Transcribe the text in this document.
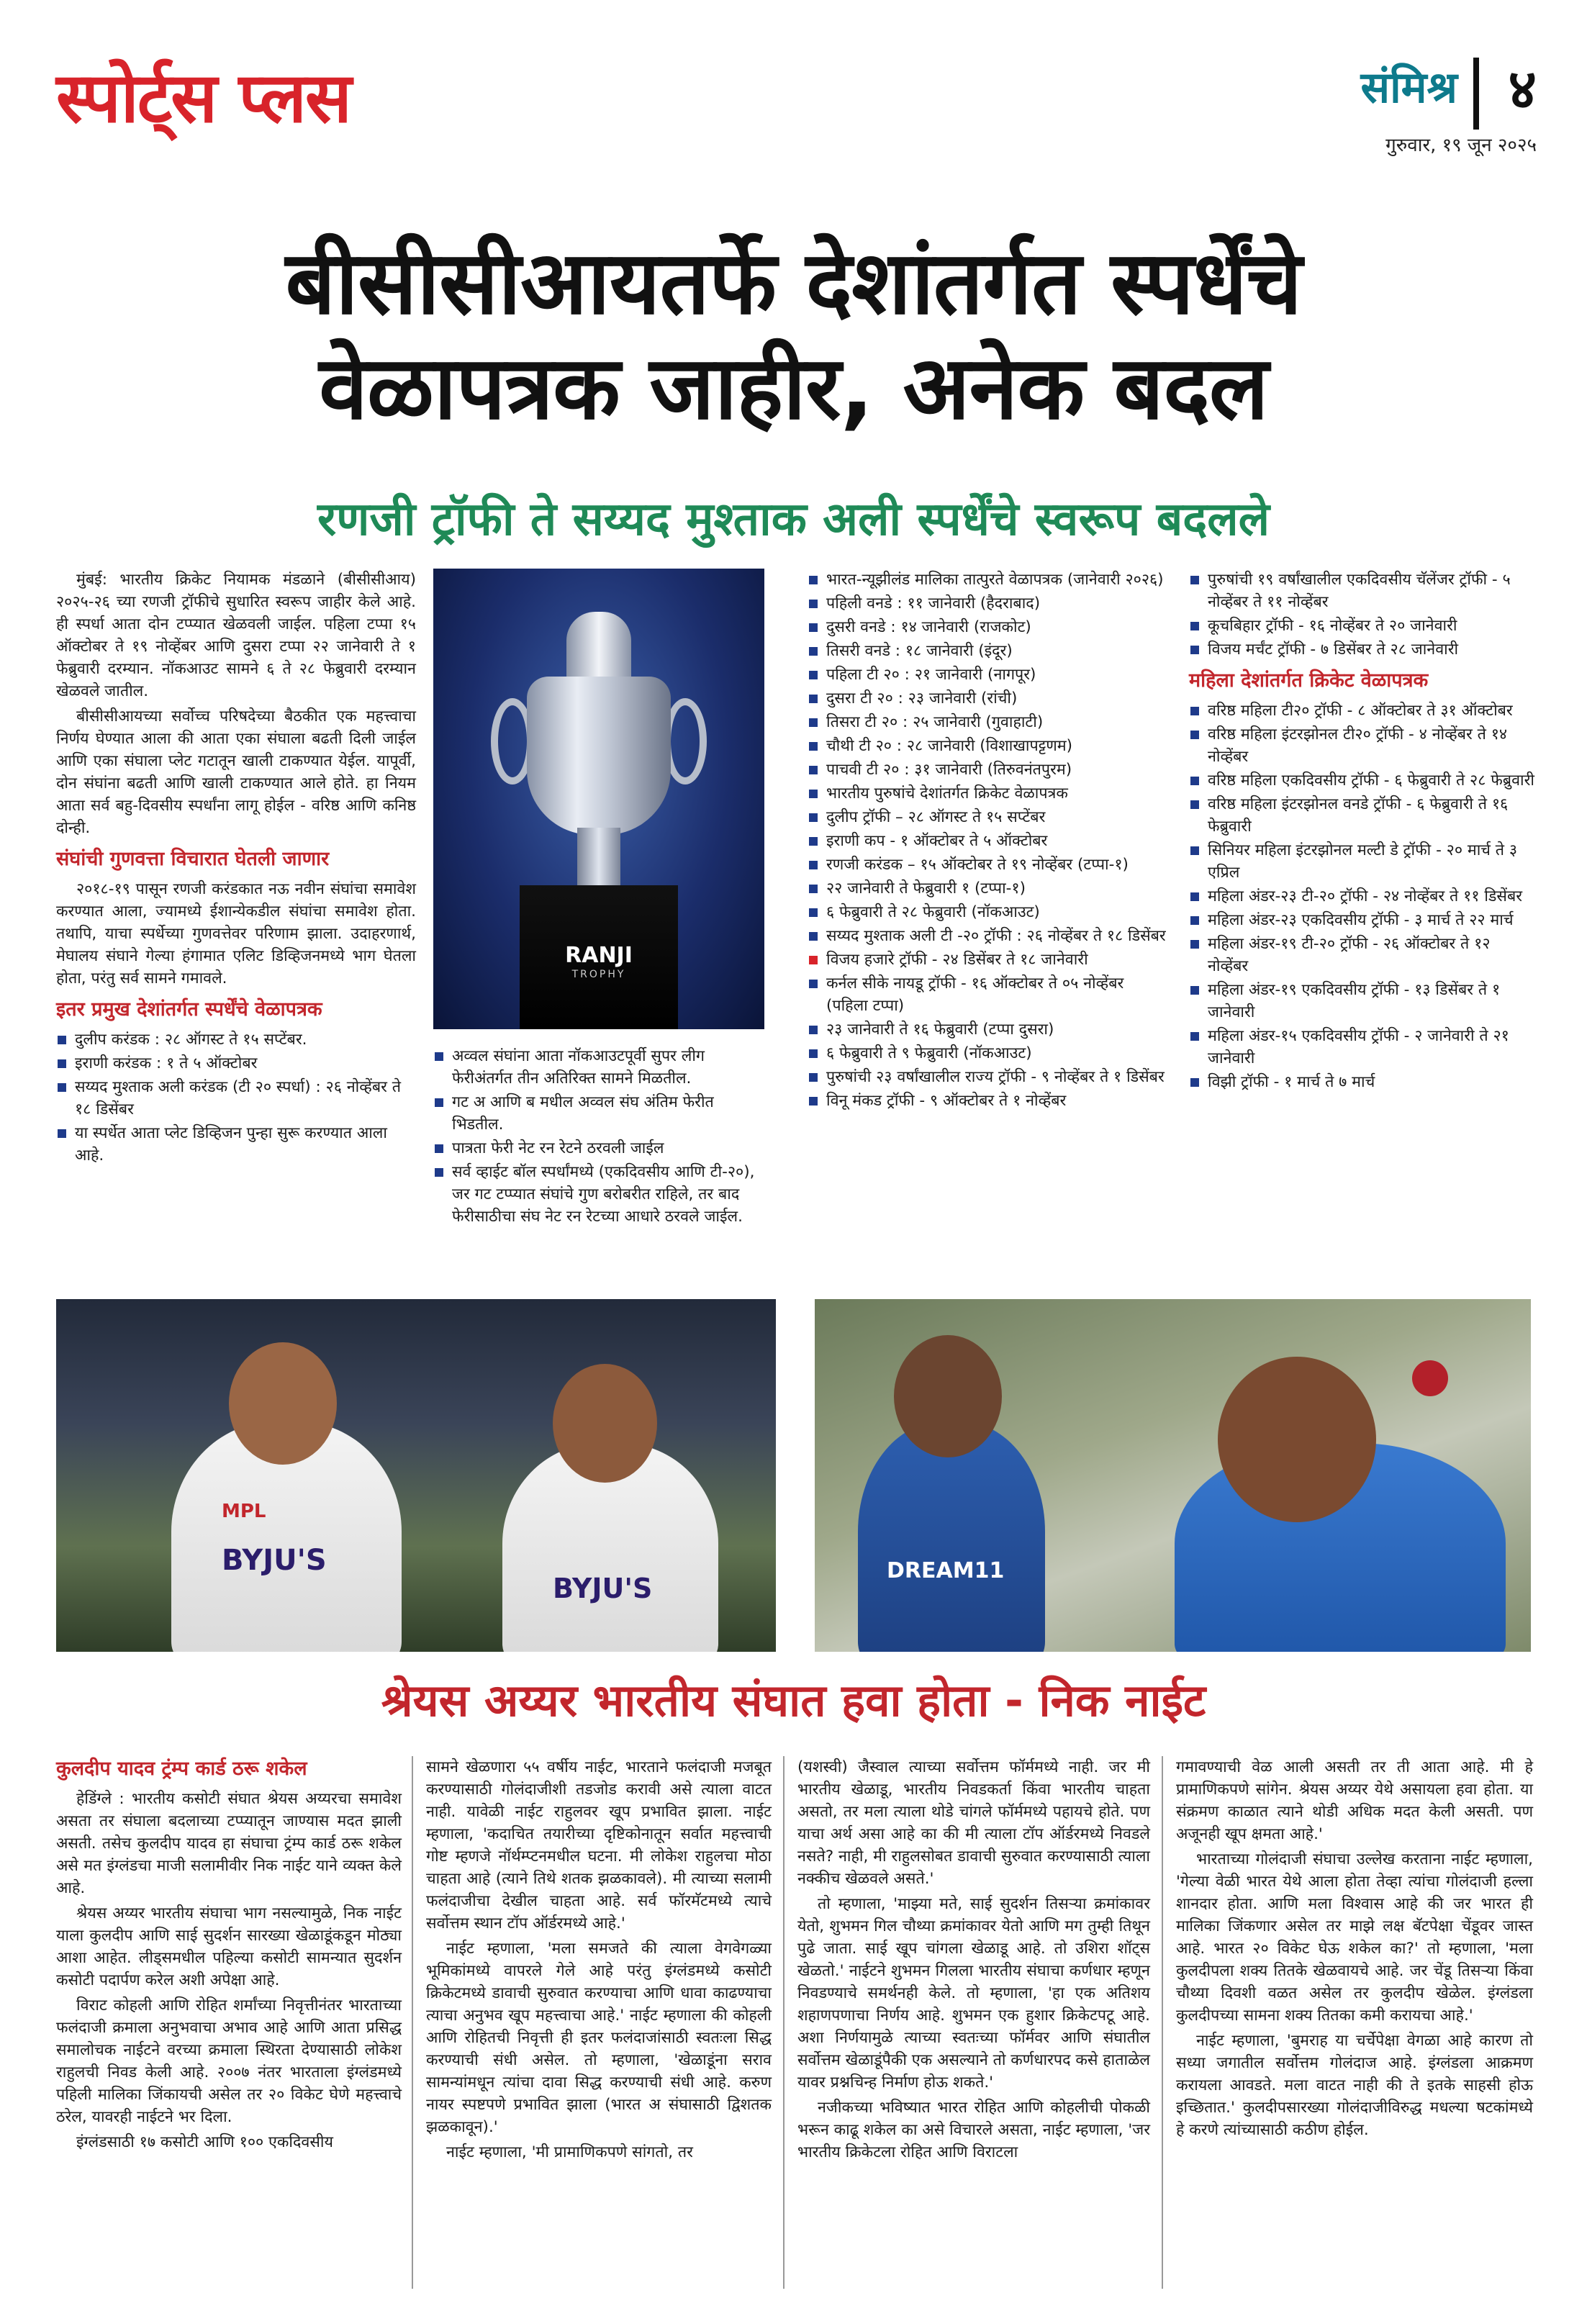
स्पोर्ट्स प्लस	संमिश्र ४
गुरुवार, १९ जून २०२५
बीसीसीआयतर्फे देशांतर्गत स्पर्धेंचे
वेळापत्रक जाहीर, अनेक बदल
रणजी ट्रॉफी ते सय्यद मुश्ताक अली स्पर्धेंचे स्वरूप बदलले

मुंबई: भारतीय क्रिकेट नियामक मंडळाने (बीसीसीआय) २०२५-२६ च्या रणजी ट्रॉफीचे सुधारित स्वरूप जाहीर केले आहे. ही स्पर्धा आता दोन टप्प्यात खेळवली जाईल. पहिला टप्पा १५ ऑक्टोबर ते १९ नोव्हेंबर आणि दुसरा टप्पा २२ जानेवारी ते १ फेब्रुवारी दरम्यान. नॉकआउट सामने ६ ते २८ फेब्रुवारी दरम्यान खेळवले जातील.

बीसीसीआयच्या सर्वोच्च परिषदेच्या बैठकीत एक महत्त्वाचा निर्णय घेण्यात आला की आता एका संघाला बढती दिली जाईल आणि एका संघाला प्लेट गटातून खाली टाकण्यात येईल. यापूर्वी, दोन संघांना बढती आणि खाली टाकण्यात आले होते. हा नियम आता सर्व बहु-दिवसीय स्पर्धांना लागू होईल - वरिष्ठ आणि कनिष्ठ दोन्ही.

संघांची गुणवत्ता विचारात घेतली जाणार

२०१८-१९ पासून रणजी करंडकात नऊ नवीन संघांचा समावेश करण्यात आला, ज्यामध्ये ईशान्येकडील संघांचा समावेश होता. तथापि, याचा स्पर्धेच्या गुणवत्तेवर परिणाम झाला. उदाहरणार्थ, मेघालय संघाने गेल्या हंगामात एलिट डिव्हिजनमध्ये भाग घेतला होता, परंतु सर्व सामने गमावले.

इतर प्रमुख देशांतर्गत स्पर्धेंचे वेळापत्रक
दुलीप करंडक : २८ ऑगस्ट ते १५ सप्टेंबर.
इराणी करंडक : १ ते ५ ऑक्टोबर
सय्यद मुश्ताक अली करंडक (टी २० स्पर्धा) : २६ नोव्हेंबर ते १८ डिसेंबर
या स्पर्धेत आता प्लेट डिव्हिजन पुन्हा सुरू करण्यात आला आहे.
RANJI
TROPHY
अव्वल संघांना आता नॉकआउटपूर्वी सुपर लीग फेरीअंतर्गत तीन अतिरिक्त सामने मिळतील.
गट अ आणि ब मधील अव्वल संघ अंतिम फेरीत भिडतील.
पात्रता फेरी नेट रन रेटने ठरवली जाईल
सर्व व्हाईट बॉल स्पर्धांमध्ये (एकदिवसीय आणि टी-२०), जर गट टप्प्यात संघांचे गुण बरोबरीत राहिले, तर बाद फेरीसाठीचा संघ नेट रन रेटच्या आधारे ठरवले जाईल.
भारत-न्यूझीलंड मालिका तात्पुरते वेळापत्रक (जानेवारी २०२६)
पहिली वनडे : ११ जानेवारी (हैदराबाद)
दुसरी वनडे : १४ जानेवारी (राजकोट)
तिसरी वनडे : १८ जानेवारी (इंदूर)
पहिला टी २० : २१ जानेवारी (नागपूर)
दुसरा टी २० : २३ जानेवारी (रांची)
तिसरा टी २० : २५ जानेवारी (गुवाहाटी)
चौथी टी २० : २८ जानेवारी (विशाखापट्टणम)
पाचवी टी २० : ३१ जानेवारी (तिरुवनंतपुरम)
भारतीय पुरुषांचे देशांतर्गत क्रिकेट वेळापत्रक
दुलीप ट्रॉफी – २८ ऑगस्ट ते १५ सप्टेंबर
इराणी कप - १ ऑक्टोबर ते ५ ऑक्टोबर
रणजी करंडक – १५ ऑक्टोबर ते १९ नोव्हेंबर (टप्पा-१)
२२ जानेवारी ते फेब्रुवारी १ (टप्पा-१)
६ फेब्रुवारी ते २८ फेब्रुवारी (नॉकआउट)
सय्यद मुश्ताक अली टी -२० ट्रॉफी : २६ नोव्हेंबर ते १८ डिसेंबर
विजय हजारे ट्रॉफी - २४ डिसेंबर ते १८ जानेवारी
कर्नल सीके नायडू ट्रॉफी - १६ ऑक्टोबर ते ०५ नोव्हेंबर (पहिला टप्पा)
२३ जानेवारी ते १६ फेब्रुवारी (टप्पा दुसरा)
६ फेब्रुवारी ते ९ फेब्रुवारी (नॉकआउट)
पुरुषांची २३ वर्षांखालील राज्य ट्रॉफी - ९ नोव्हेंबर ते १ डिसेंबर
विनू मंकड ट्रॉफी - ९ ऑक्टोबर ते १ नोव्हेंबर
पुरुषांची १९ वर्षांखालील एकदिवसीय चॅलेंजर ट्रॉफी - ५ नोव्हेंबर ते ११ नोव्हेंबर
कूचबिहार ट्रॉफी - १६ नोव्हेंबर ते २० जानेवारी
विजय मर्चंट ट्रॉफी - ७ डिसेंबर ते २८ जानेवारी
महिला देशांतर्गत क्रिकेट वेळापत्रक
वरिष्ठ महिला टी२० ट्रॉफी - ८ ऑक्टोबर ते ३१ ऑक्टोबर
वरिष्ठ महिला इंटरझोनल टी२० ट्रॉफी - ४ नोव्हेंबर ते १४ नोव्हेंबर
वरिष्ठ महिला एकदिवसीय ट्रॉफी - ६ फेब्रुवारी ते २८ फेब्रुवारी
वरिष्ठ महिला इंटरझोनल वनडे ट्रॉफी - ६ फेब्रुवारी ते १६ फेब्रुवारी
सिनियर महिला इंटरझोनल मल्टी डे ट्रॉफी - २० मार्च ते ३ एप्रिल
महिला अंडर-२३ टी-२० ट्रॉफी - २४ नोव्हेंबर ते ११ डिसेंबर
महिला अंडर-२३ एकदिवसीय ट्रॉफी - ३ मार्च ते २२ मार्च
महिला अंडर-१९ टी-२० ट्रॉफी - २६ ऑक्टोबर ते १२ नोव्हेंबर
महिला अंडर-१९ एकदिवसीय ट्रॉफी - १३ डिसेंबर ते १ जानेवारी
महिला अंडर-१५ एकदिवसीय ट्रॉफी - २ जानेवारी ते २१ जानेवारी
विझी ट्रॉफी - १ मार्च ते ७ मार्च
BYJU'S
MPL
BYJU'S
DREAM11
श्रेयस अय्यर भारतीय संघात हवा होता - निक नाईट
कुलदीप यादव ट्रंम्प कार्ड ठरू शकेल

हेडिंग्ले : भारतीय कसोटी संघात श्रेयस अय्यरचा समावेश असता तर संघाला बदलाच्या टप्प्यातून जाण्यास मदत झाली असती. तसेच कुलदीप यादव हा संघाचा ट्रंम्प कार्ड ठरू शकेल असे मत इंग्लंडचा माजी सलामीवीर निक नाईट याने व्यक्त केले आहे.

श्रेयस अय्यर भारतीय संघाचा भाग नसल्यामुळे, निक नाईट याला कुलदीप आणि साई सुदर्शन सारख्या खेळाडूंकडून मोठ्या आशा आहेत. लीड्समधील पहिल्या कसोटी सामन्यात सुदर्शन कसोटी पदार्पण करेल अशी अपेक्षा आहे.

विराट कोहली आणि रोहित शर्मांच्या निवृत्तीनंतर भारताच्या फलंदाजी क्रमाला अनुभवाचा अभाव आहे आणि आता प्रसिद्ध समालोचक नाईटने वरच्या क्रमाला स्थिरता देण्यासाठी लोकेश राहुलची निवड केली आहे. २००७ नंतर भारताला इंग्लंडमध्ये पहिली मालिका जिंकायची असेल तर २० विकेट घेणे महत्त्वाचे ठरेल, यावरही नाईटने भर दिला.

इंग्लंडसाठी १७ कसोटी आणि १०० एकदिवसीय

सामने खेळणारा ५५ वर्षीय नाईट, भारताने फलंदाजी मजबूत करण्यासाठी गोलंदाजीशी तडजोड करावी असे त्याला वाटत नाही. यावेळी नाईट राहुलवर खूप प्रभावित झाला. नाईट म्हणाला, 'कदाचित तयारीच्या दृष्टिकोनातून सर्वात महत्त्वाची गोष्ट म्हणजे नॉर्थम्प्टनमधील घटना. मी लोकेश राहुलचा मोठा चाहता आहे (त्याने तिथे शतक झळकावले). मी त्याच्या सलामी फलंदाजीचा देखील चाहता आहे. सर्व फॉरमॅटमध्ये त्याचे सर्वोत्तम स्थान टॉप ऑर्डरमध्ये आहे.'

नाईट म्हणाला, 'मला समजते की त्याला वेगवेगळ्या भूमिकांमध्ये वापरले गेले आहे परंतु इंग्लंडमध्ये कसोटी क्रिकेटमध्ये डावाची सुरुवात करण्याचा आणि धावा काढण्याचा त्याचा अनुभव खूप महत्त्वाचा आहे.' नाईट म्हणाला की कोहली आणि रोहितची निवृत्ती ही इतर फलंदाजांसाठी स्वतःला सिद्ध करण्याची संधी असेल. तो म्हणाला, 'खेळाडूंना सराव सामन्यांमधून त्यांचा दावा सिद्ध करण्याची संधी आहे. करुण नायर स्पष्टपणे प्रभावित झाला (भारत अ संघासाठी द्विशतक झळकावून).'

नाईट म्हणाला, 'मी प्रामाणिकपणे सांगतो, तर

(यशस्वी) जैस्वाल त्याच्या सर्वोत्तम फॉर्ममध्ये नाही. जर मी भारतीय खेळाडू, भारतीय निवडकर्ता किंवा भारतीय चाहता असतो, तर मला त्याला थोडे चांगले फॉर्ममध्ये पहायचे होते. पण याचा अर्थ असा आहे का की मी त्याला टॉप ऑर्डरमध्ये निवडले नसते? नाही, मी राहुलसोबत डावाची सुरुवात करण्यासाठी त्याला नक्कीच खेळवले असते.'

तो म्हणाला, 'माझ्या मते, साई सुदर्शन तिसऱ्या क्रमांकावर येतो, शुभमन गिल चौथ्या क्रमांकावर येतो आणि मग तुम्ही तिथून पुढे जाता. साई खूप चांगला खेळाडू आहे. तो उशिरा शॉट्स खेळतो.' नाईटने शुभमन गिलला भारतीय संघाचा कर्णधार म्हणून निवडण्याचे समर्थनही केले. तो म्हणाला, 'हा एक अतिशय शहाणपणाचा निर्णय आहे. शुभमन एक हुशार क्रिकेटपटू आहे. अशा निर्णयामुळे त्याच्या स्वतःच्या फॉर्मवर आणि संघातील सर्वोत्तम खेळाडूंपैकी एक असल्याने तो कर्णधारपद कसे हाताळेल यावर प्रश्नचिन्ह निर्माण होऊ शकते.'

नजीकच्या भविष्यात भारत रोहित आणि कोहलीची पोकळी भरून काढू शकेल का असे विचारले असता, नाईट म्हणाला, 'जर भारतीय क्रिकेटला रोहित आणि विराटला

गमावण्याची वेळ आली असती तर ती आता आहे. मी हे प्रामाणिकपणे सांगेन. श्रेयस अय्यर येथे असायला हवा होता. या संक्रमण काळात त्याने थोडी अधिक मदत केली असती. पण अजूनही खूप क्षमता आहे.'

भारताच्या गोलंदाजी संघाचा उल्लेख करताना नाईट म्हणाला, 'गेल्या वेळी भारत येथे आला होता तेव्हा त्यांचा गोलंदाजी हल्ला शानदार होता. आणि मला विश्वास आहे की जर भारत ही मालिका जिंकणार असेल तर माझे लक्ष बॅटपेक्षा चेंडूवर जास्त आहे. भारत २० विकेट घेऊ शकेल का?' तो म्हणाला, 'मला कुलदीपला शक्य तितके खेळवायचे आहे. जर चेंडू तिसऱ्या किंवा चौथ्या दिवशी वळत असेल तर कुलदीप खेळेल. इंग्लंडला कुलदीपच्या सामना शक्य तितका कमी करायचा आहे.'

नाईट म्हणाला, 'बुमराह या चर्चेपेक्षा वेगळा आहे कारण तो सध्या जगातील सर्वोत्तम गोलंदाज आहे. इंग्लंडला आक्रमण करायला आवडते. मला वाटत नाही की ते इतके साहसी होऊ इच्छितात.' कुलदीपसारख्या गोलंदाजीविरुद्ध मधल्या षटकांमध्ये हे करणे त्यांच्यासाठी कठीण होईल.
